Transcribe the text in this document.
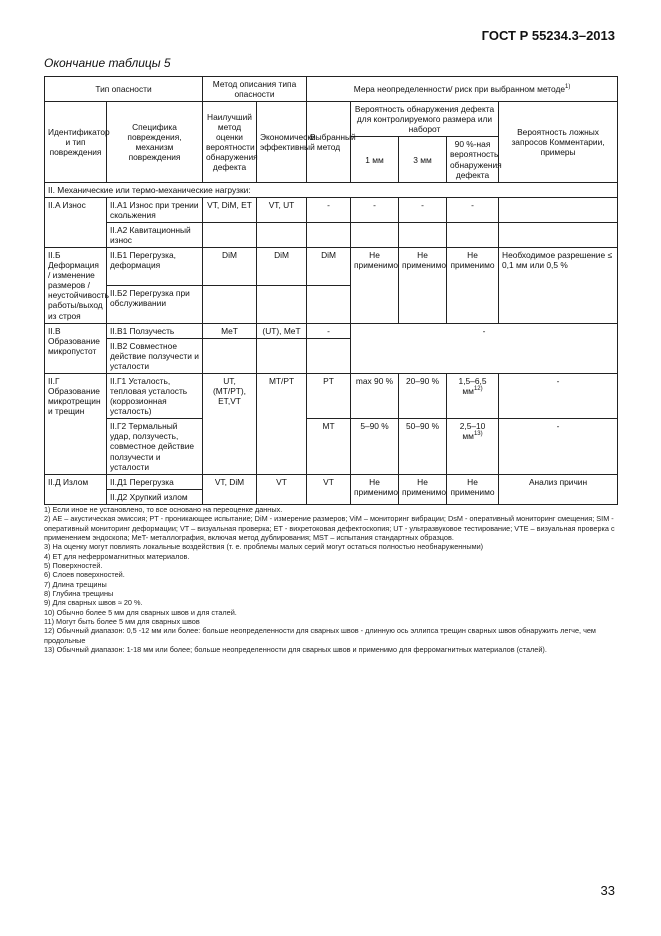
ГОСТ Р 55234.3–2013
Окончание таблицы 5
Тип опасности		Метод описания типа опасности		Мера неопределенности/ риск при выбранном методе$^{1)}$
Идентификатор и тип повреждения	Специфика повреждения, механизм повреждения	Наилучший метод оценки вероятности обнаружения дефекта	Экономически эффективный	Выбранный метод	Вероятность обнаружения дефекта для контролируемого размера или наборот			Вероятность ложных запросов Комментарии, примеры
					1 мм	3 мм	90 %-ная вероятность обнаружения дефекта	
II. Механические или термо-механические нагрузки:								
II.A Износ	II.A1 Износ при трении скольжения	VT, DiM, ET	VT, UT	-	-	-	-	
	II.A2 Кавитационный износ							
II.Б Деформация / изменение размеров /неустойчивость работы/выход из строя	II.Б1 Перегрузка, деформация	DiM	DiM	DiM	Не применимо	Не применимо	Не применимо	Необходимое разрешение ≤ 0,1 мм или 0,5 %
	II.Б2 Перегрузка при обслуживании							
II.B Образование микропустот	II.B1 Ползучесть	MeT	(UT), MeT	-	-			
	II.B2 Совместное действие ползучести и усталости							
II.Г Образование микротрещин и трещин	II.Г1 Усталость, тепловая усталость (коррозионная усталость)	UT, (MT/PT), ET,VT	MT/PT	PT	max 90 %	20–90 %	1,5–6,5 $мм^{12)}$	-
	II.Г2 Термальный удар, ползучесть, совместное действие ползучести и усталости			MT	5–90 %	50–90 %	2,5–10 $мм^{13)}$	-
II.Д Излом	II.Д1 Перегрузка	VT, DiM	VT	VT	Не применимо	Не применимо	Не применимо	Анализ причин
	II.Д2 Хрупкий излом							
1) Если иное не установлено, то все основано на переоценке данных.
2) АЕ – акустическая эмиссия; PT - проникающее испытание; DiM - измерение размеров; ViM – мониторинг вибрации; DsM - оперативный мониторинг смещения; SIM - оперативный мониторинг деформации; VT – визуальная проверка; ET - вихретоковая дефектоскопия; UT - ультразвуковое тестирование; VTE – визуальная проверка с применением эндоскопа; MeT- металлография, включая метод дублирования; MST – испытания стандартных образцов.
3) На оценку могут повлиять локальные воздействия (т. е. проблемы малых серий могут остаться полностью необнаруженными)
4) ET для неферромагнитных материалов.
5) Поверхностей.
6) Слоев поверхностей.
7) Длина трещины
8) Глубина трещины
9) Для сварных швов ≈ 20 %.
10) Обычно более 5 мм для сварных швов и для сталей.
11) Могут быть более 5 мм для сварных швов
12) Обычный диапазон: 0,5 -12 мм или более: больше неопределенности для сварных швов - длинную ось эллипса трещин сварных швов обнаружить легче, чем продольные
13) Обычный диапазон: 1-18 мм или более; больше неопределенности для сварных швов и применимо для ферромагнитных материалов (сталей).
33
